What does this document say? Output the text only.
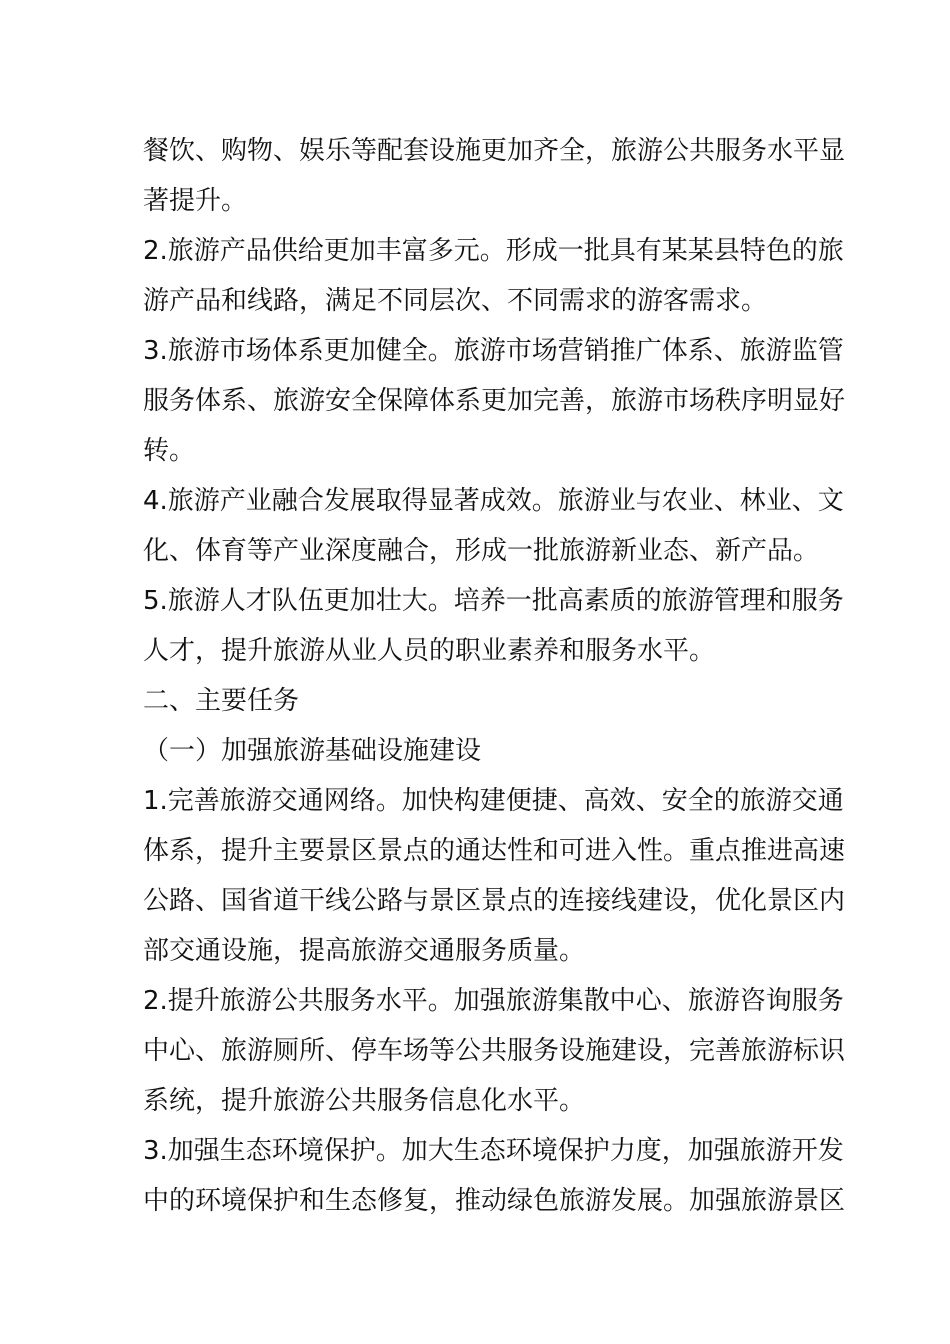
餐饮、购物、娱乐等配套设施更加齐全，旅游公共服务水平显
著提升。
2.旅游产品供给更加丰富多元。形成一批具有某某县特色的旅
游产品和线路，满足不同层次、不同需求的游客需求。
3.旅游市场体系更加健全。旅游市场营销推广体系、旅游监管
服务体系、旅游安全保障体系更加完善，旅游市场秩序明显好
转。
4.旅游产业融合发展取得显著成效。旅游业与农业、林业、文
化、体育等产业深度融合，形成一批旅游新业态、新产品。
5.旅游人才队伍更加壮大。培养一批高素质的旅游管理和服务
人才，提升旅游从业人员的职业素养和服务水平。
二、主要任务
（一）加强旅游基础设施建设
1.完善旅游交通网络。加快构建便捷、高效、安全的旅游交通
体系，提升主要景区景点的通达性和可进入性。重点推进高速
公路、国省道干线公路与景区景点的连接线建设，优化景区内
部交通设施，提高旅游交通服务质量。
2.提升旅游公共服务水平。加强旅游集散中心、旅游咨询服务
中心、旅游厕所、停车场等公共服务设施建设，完善旅游标识
系统，提升旅游公共服务信息化水平。
3.加强生态环境保护。加大生态环境保护力度，加强旅游开发
中的环境保护和生态修复，推动绿色旅游发展。加强旅游景区
